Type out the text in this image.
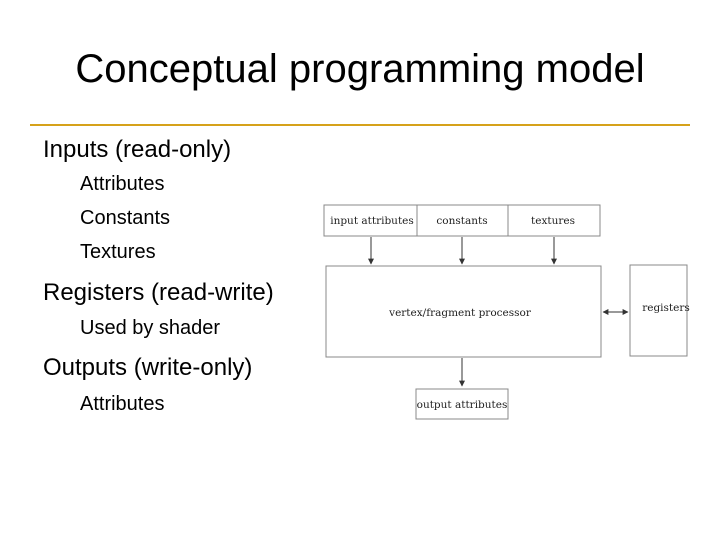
Conceptual programming model
Inputs (read-only)
Attributes
Constants
Textures
Registers (read-write)
Used by shader
Outputs (write-only)
Attributes
input attributes constants	textures
vertex/fragment processor	registers
output attributes
